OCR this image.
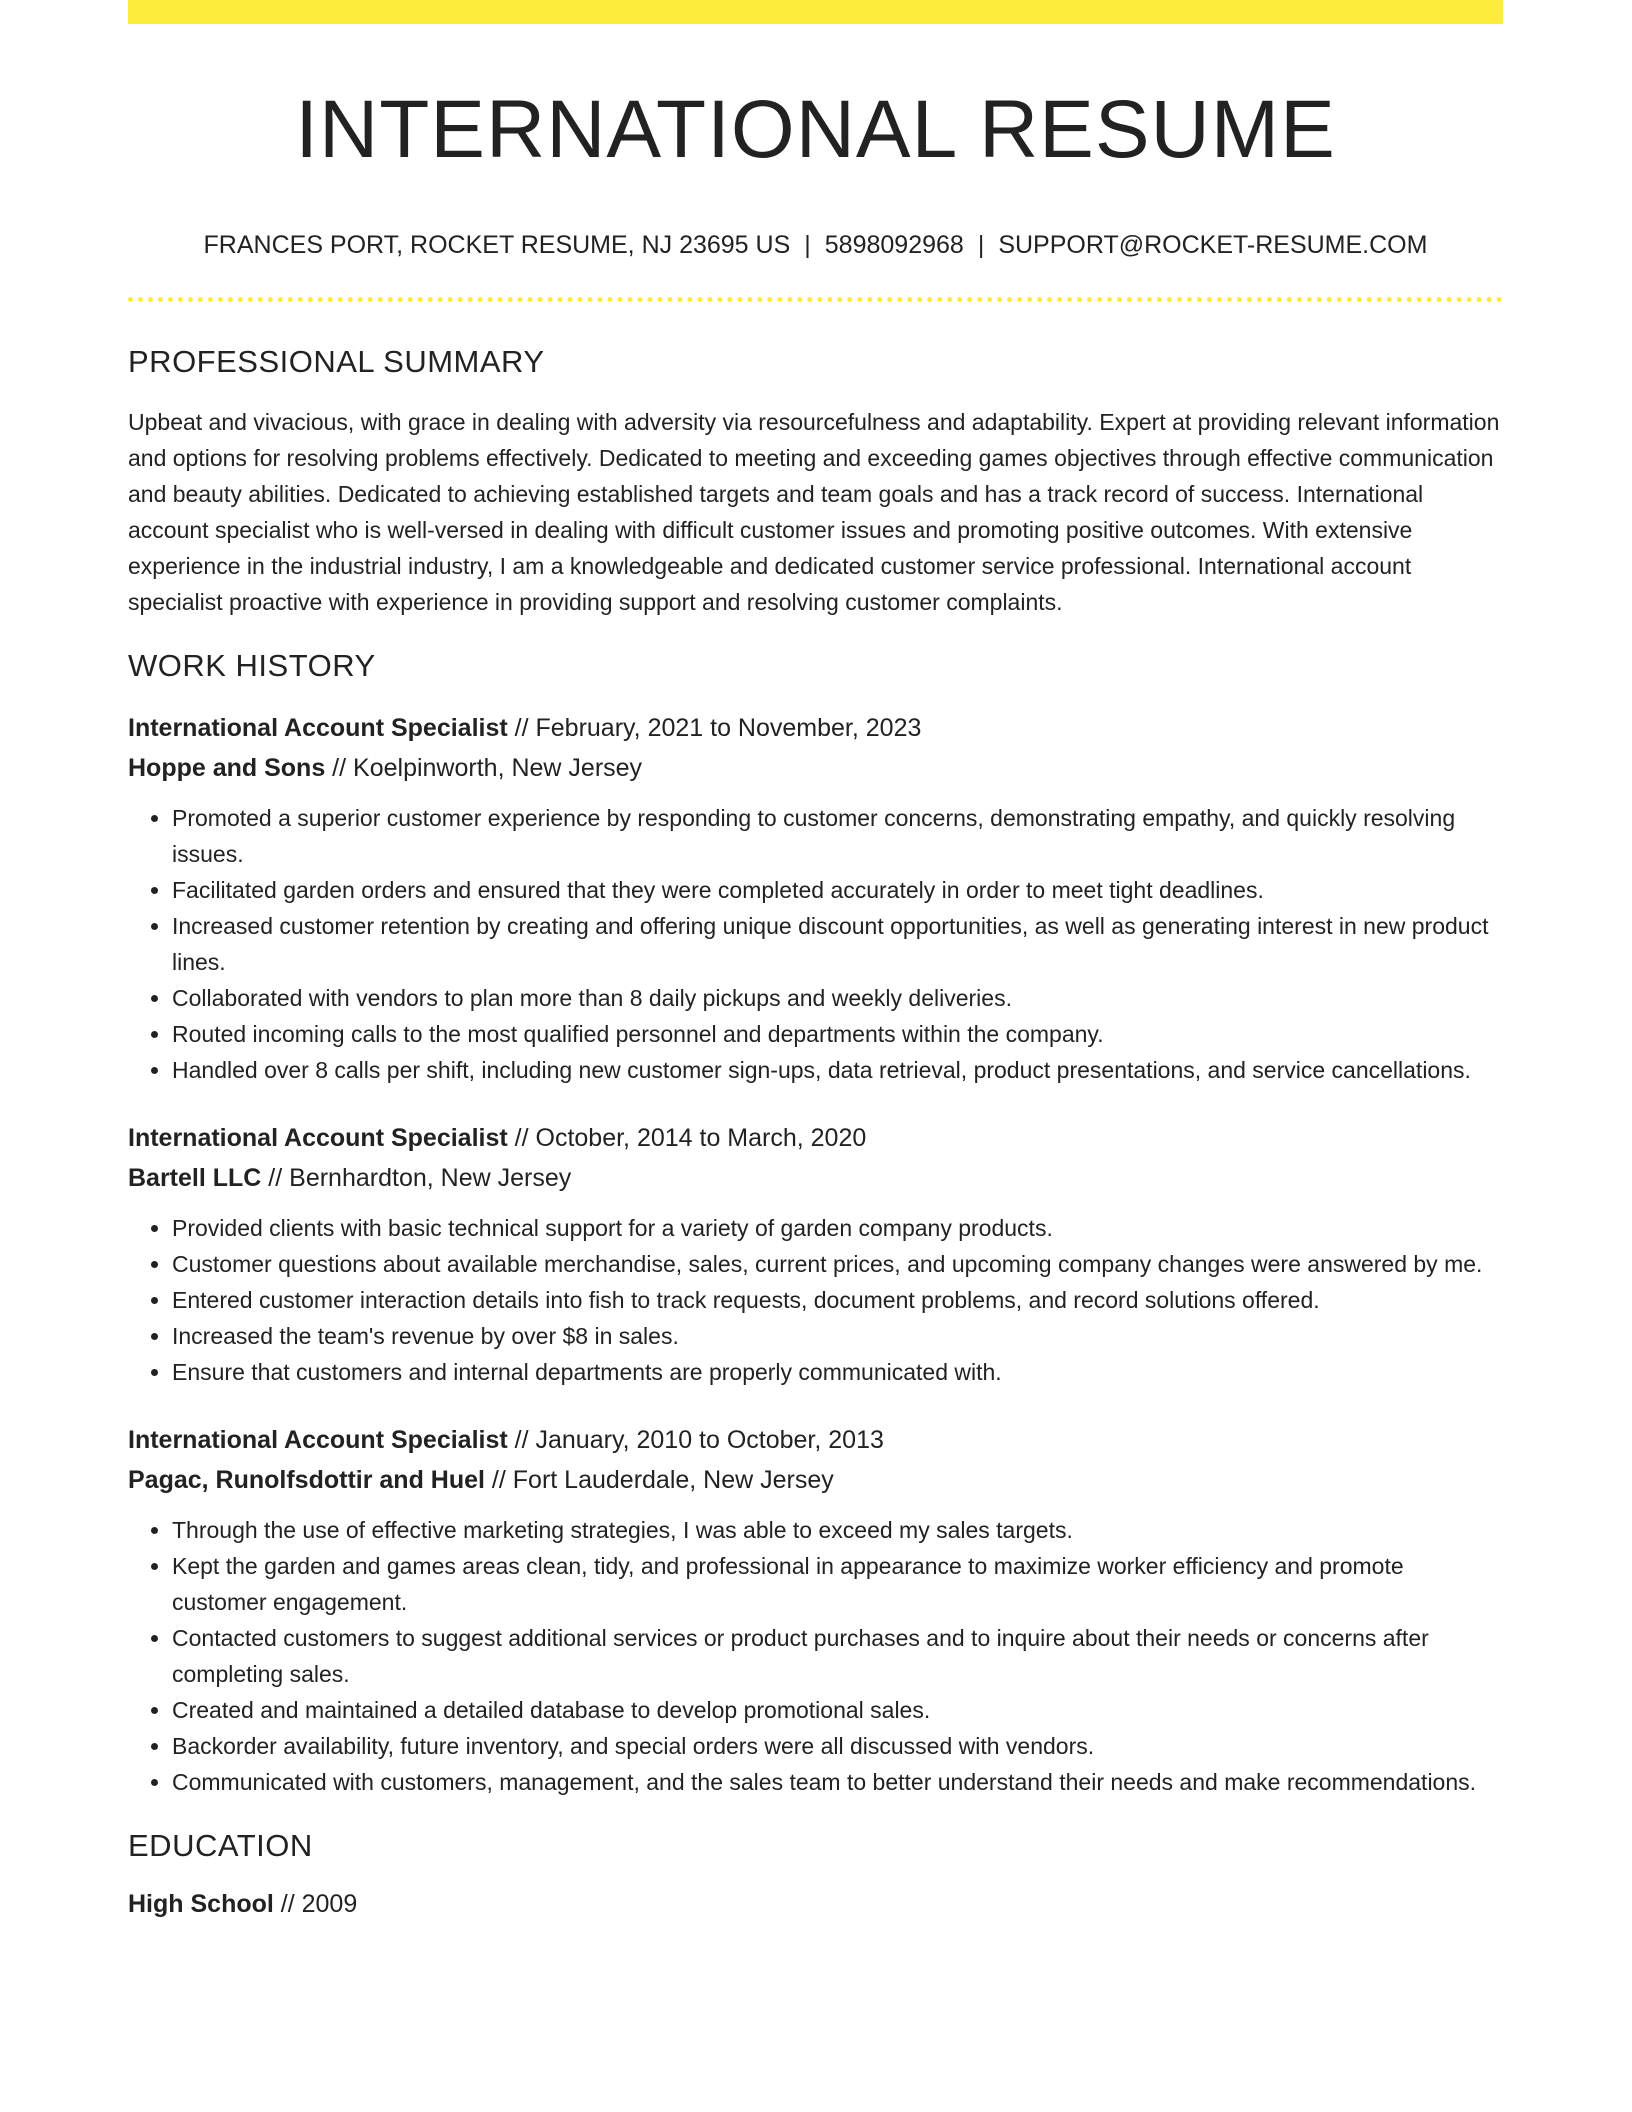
INTERNATIONAL RESUME
FRANCES PORT, ROCKET RESUME, NJ 23695 US | 5898092968 | SUPPORT@ROCKET-RESUME.COM
PROFESSIONAL SUMMARY
Upbeat and vivacious, with grace in dealing with adversity via resourcefulness and adaptability. Expert at providing relevant information and options for resolving problems effectively. Dedicated to meeting and exceeding games objectives through effective communication and beauty abilities. Dedicated to achieving established targets and team goals and has a track record of success. International account specialist who is well-versed in dealing with difficult customer issues and promoting positive outcomes. With extensive experience in the industrial industry, I am a knowledgeable and dedicated customer service professional. International account specialist proactive with experience in providing support and resolving customer complaints.
WORK HISTORY
International Account Specialist // February, 2021 to November, 2023
Hoppe and Sons // Koelpinworth, New Jersey
• Promoted a superior customer experience by responding to customer concerns, demonstrating empathy, and quickly resolving issues.
• Facilitated garden orders and ensured that they were completed accurately in order to meet tight deadlines.
• Increased customer retention by creating and offering unique discount opportunities, as well as generating interest in new product lines.
• Collaborated with vendors to plan more than 8 daily pickups and weekly deliveries.
• Routed incoming calls to the most qualified personnel and departments within the company.
• Handled over 8 calls per shift, including new customer sign-ups, data retrieval, product presentations, and service cancellations.
International Account Specialist // October, 2014 to March, 2020
Bartell LLC // Bernhardton, New Jersey
• Provided clients with basic technical support for a variety of garden company products.
• Customer questions about available merchandise, sales, current prices, and upcoming company changes were answered by me.
• Entered customer interaction details into fish to track requests, document problems, and record solutions offered.
• Increased the team's revenue by over $8 in sales.
• Ensure that customers and internal departments are properly communicated with.
International Account Specialist // January, 2010 to October, 2013
Pagac, Runolfsdottir and Huel // Fort Lauderdale, New Jersey
• Through the use of effective marketing strategies, I was able to exceed my sales targets.
• Kept the garden and games areas clean, tidy, and professional in appearance to maximize worker efficiency and promote customer engagement.
• Contacted customers to suggest additional services or product purchases and to inquire about their needs or concerns after completing sales.
• Created and maintained a detailed database to develop promotional sales.
• Backorder availability, future inventory, and special orders were all discussed with vendors.
• Communicated with customers, management, and the sales team to better understand their needs and make recommendations.
EDUCATION
High School // 2009
